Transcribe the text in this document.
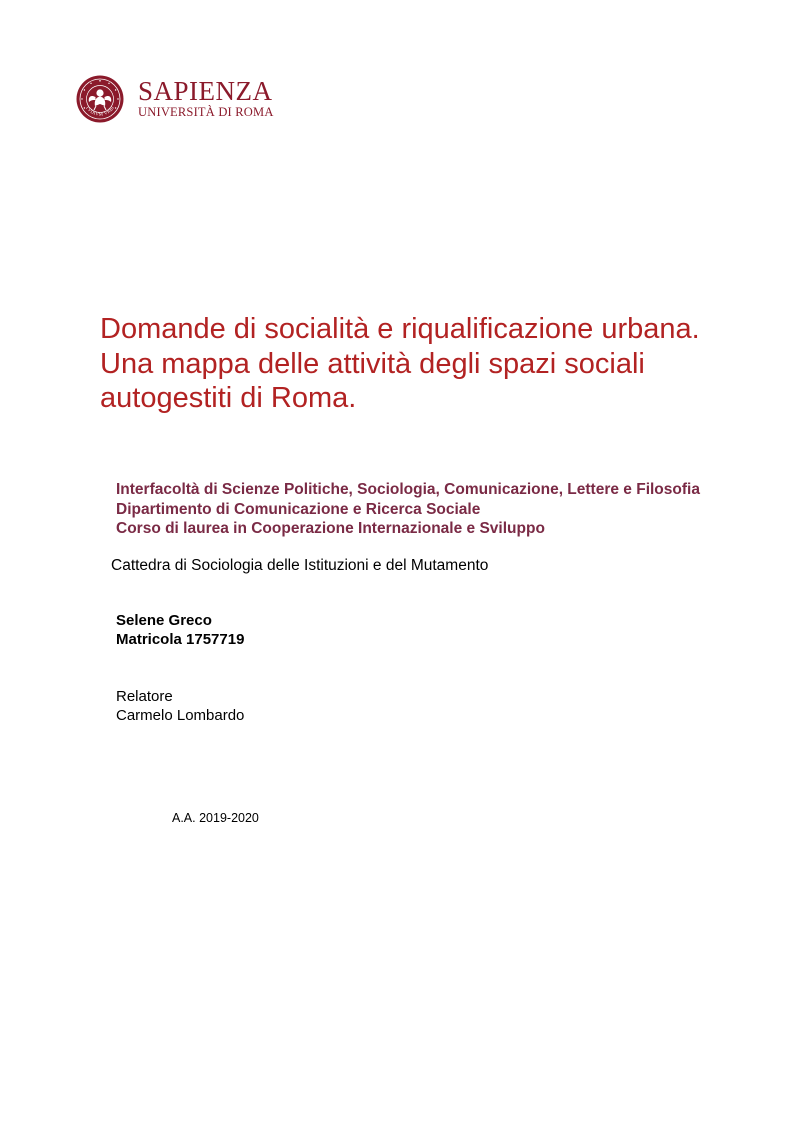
TVDIVM VRBI
SAPIENZA
UNIVERSITÀ DI ROMA
Domande di socialità e riqualificazione urbana.
Una mappa delle attività degli spazi sociali
autogestiti di Roma.
Interfacoltà di Scienze Politiche, Sociologia, Comunicazione, Lettere e Filosofia
Dipartimento di Comunicazione e Ricerca Sociale
Corso di laurea in Cooperazione Internazionale e Sviluppo
Cattedra di Sociologia delle Istituzioni e del Mutamento
Selene Greco
Matricola 1757719
Relatore
Carmelo Lombardo
A.A. 2019-2020
